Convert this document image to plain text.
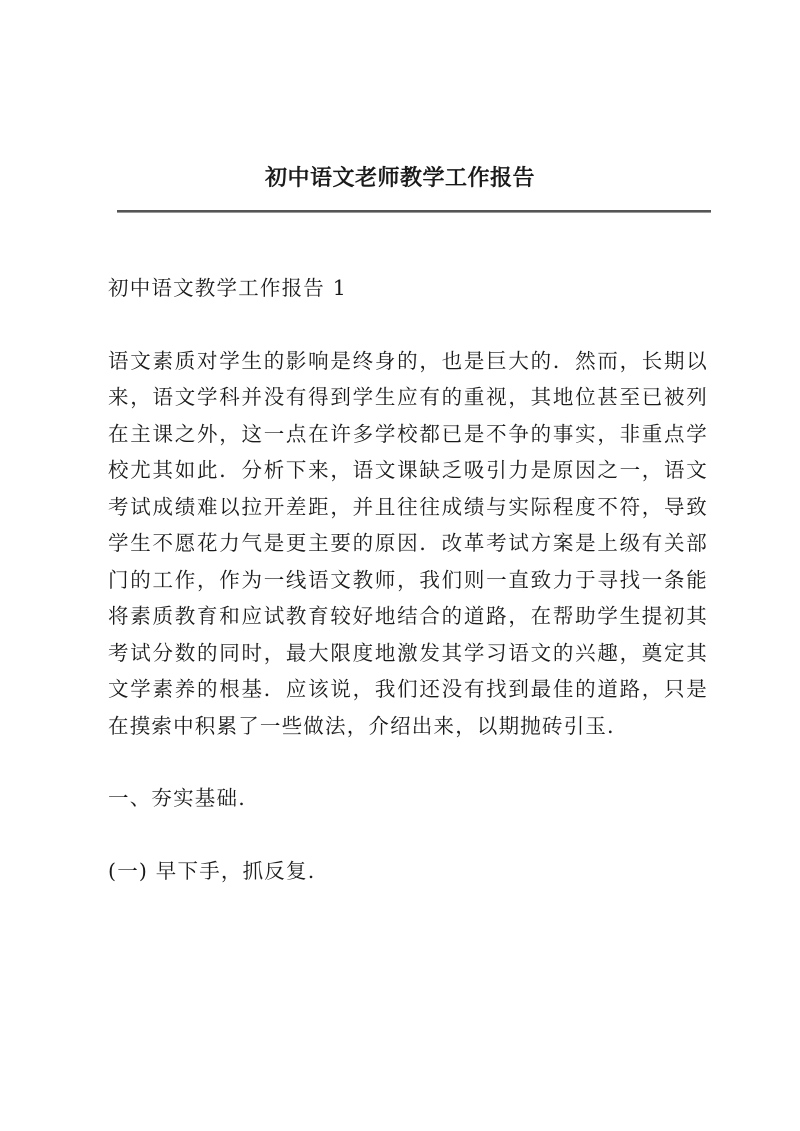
初中语文老师教学工作报告

初中语文教学工作报告 1

语文素质对学生的影响是终身的，也是巨大的．然而，长期以来，语文学科并没有得到学生应有的重视，其地位甚至已被列在主课之外，这一点在许多学校都已是不争的事实，非重点学校尤其如此．分析下来，语文课缺乏吸引力是原因之一，语文考试成绩难以拉开差距，并且往往成绩与实际程度不符，导致学生不愿花力气是更主要的原因．改革考试方案是上级有关部门的工作，作为一线语文教师，我们则一直致力于寻找一条能将素质教育和应试教育较好地结合的道路，在帮助学生提初其考试分数的同时，最大限度地激发其学习语文的兴趣，奠定其文学素养的根基．应该说，我们还没有找到最佳的道路，只是在摸索中积累了一些做法，介绍出来，以期抛砖引玉．

一、夯实基础.

(一) 早下手，抓反复.
